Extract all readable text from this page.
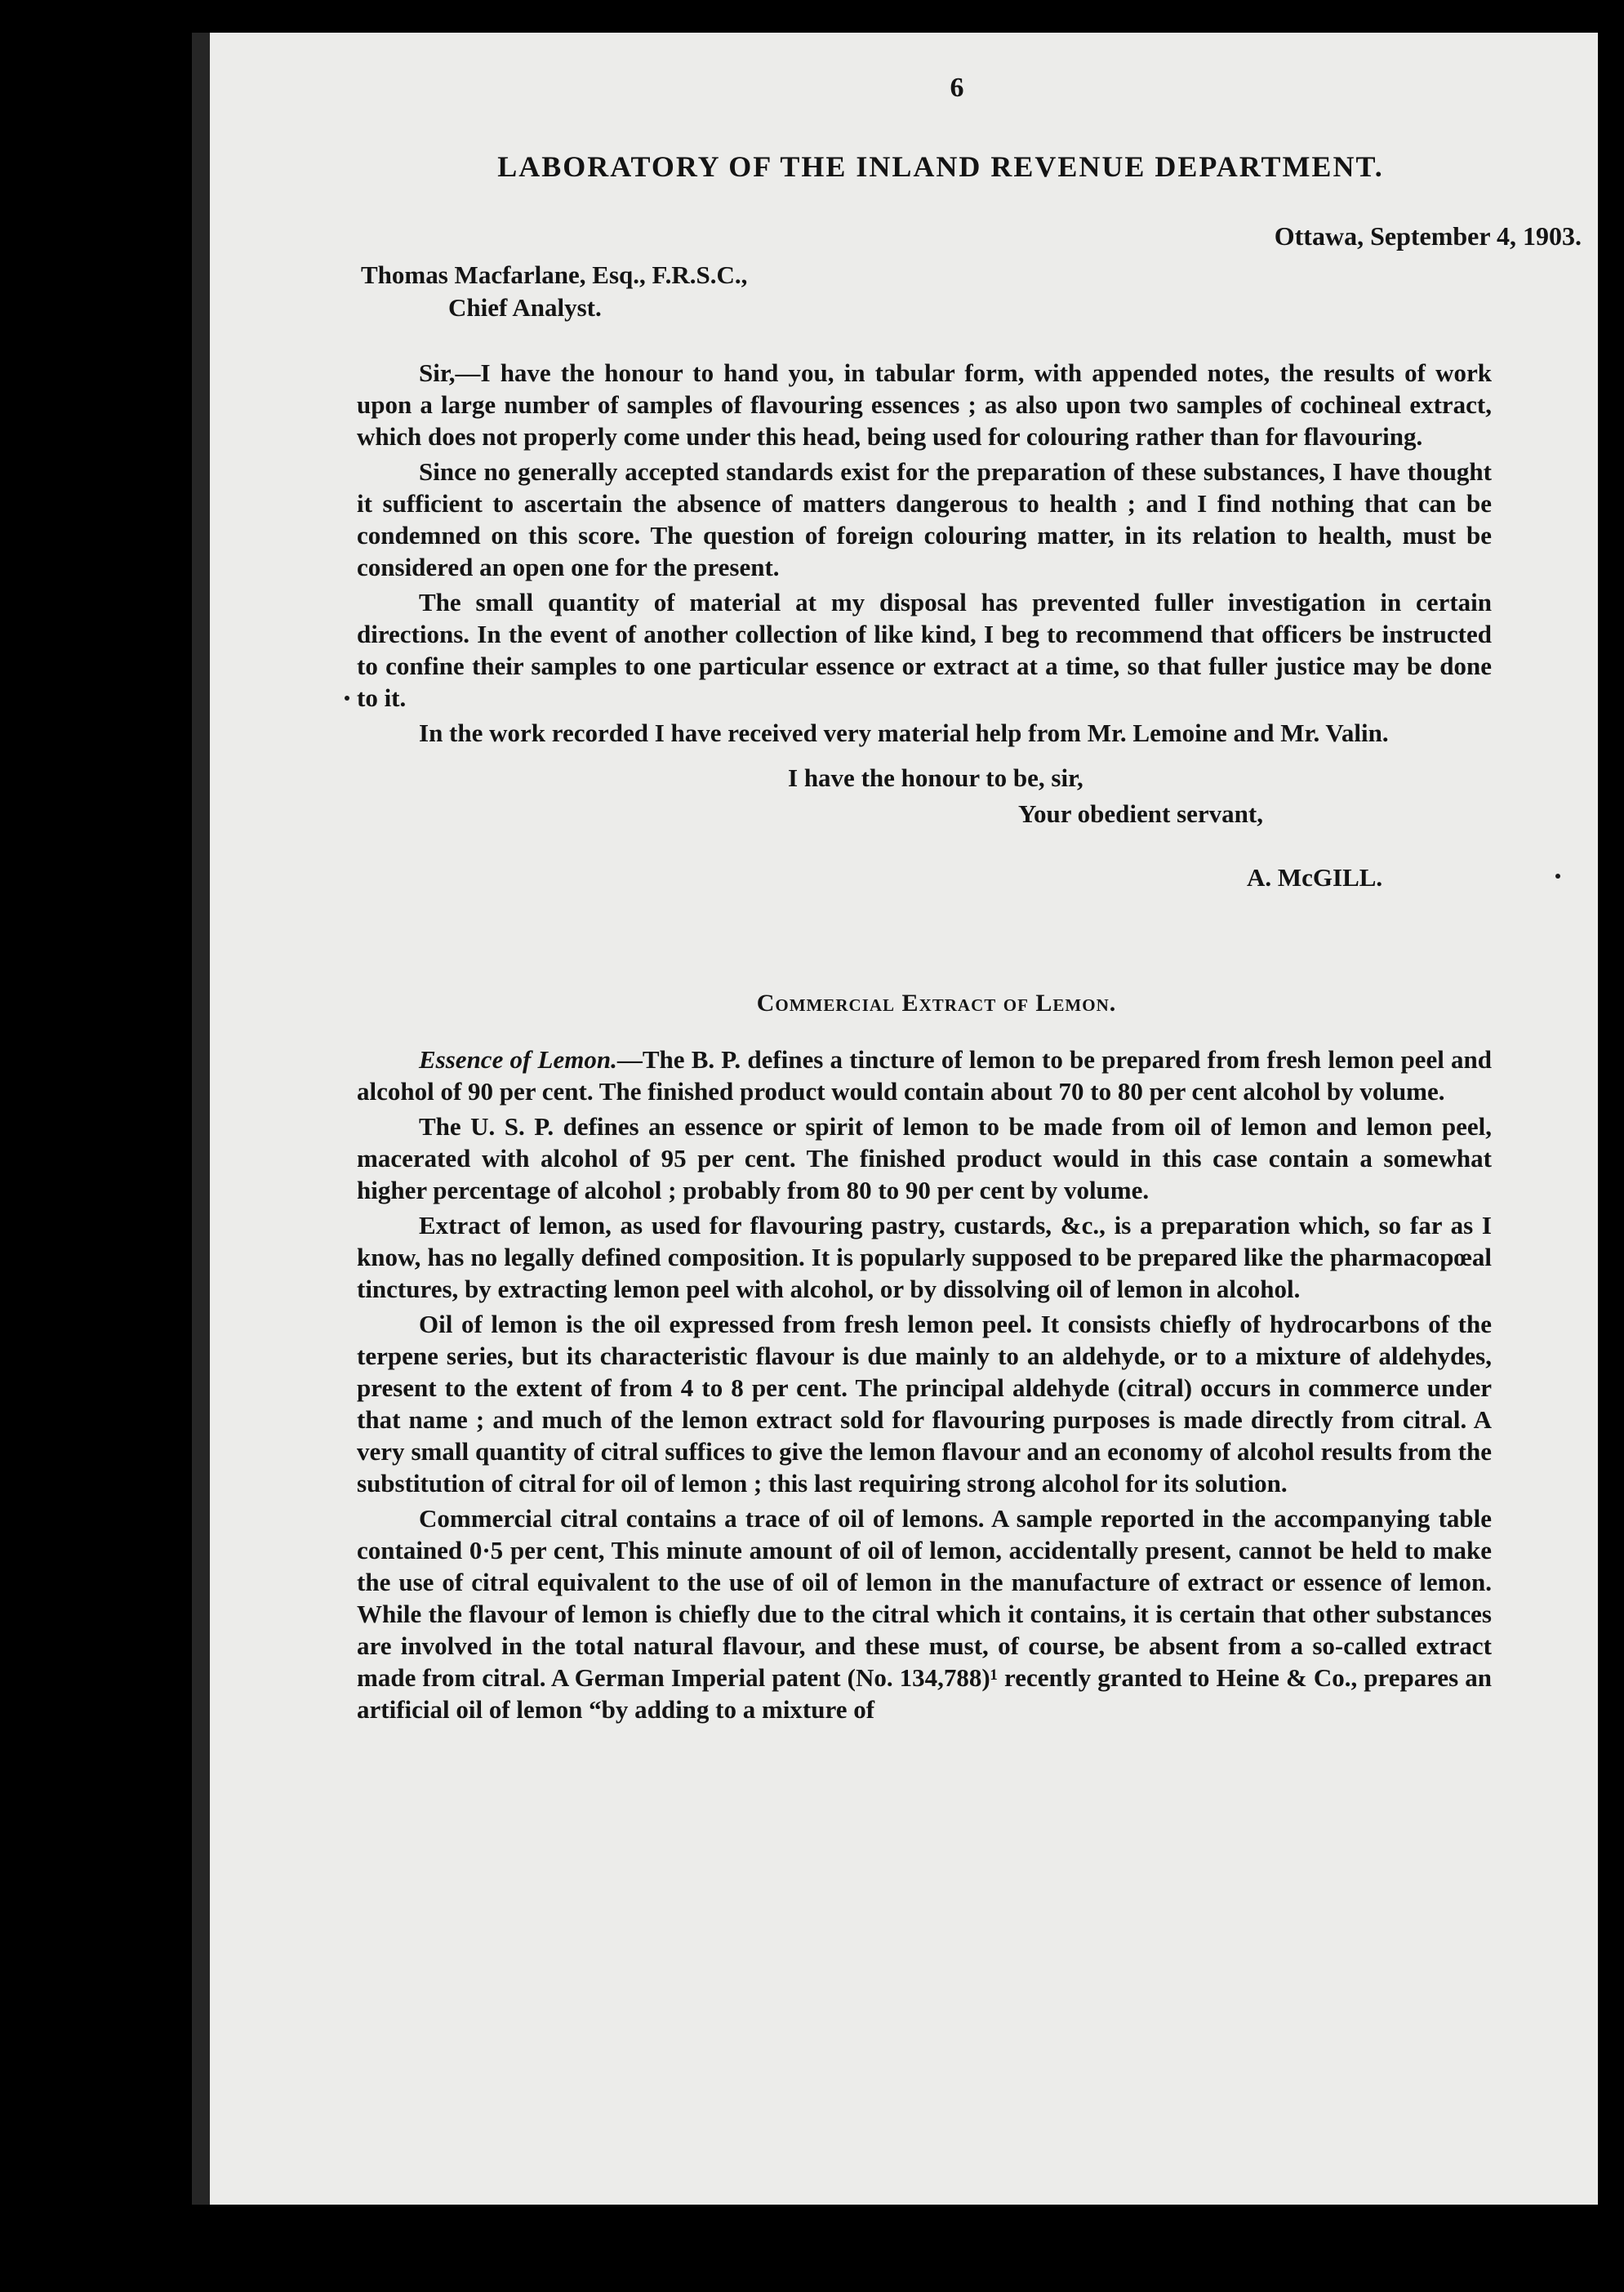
6
LABORATORY OF THE INLAND REVENUE DEPARTMENT.
Ottawa, September 4, 1903.
Thomas Macfarlane, Esq., F.R.S.C.,
Chief Analyst.

Sir,—I have the honour to hand you, in tabular form, with appended notes, the results of work upon a large number of samples of flavouring essences ; as also upon two samples of cochineal extract, which does not properly come under this head, being used for colouring rather than for flavouring.

Since no generally accepted standards exist for the preparation of these substances, I have thought it sufficient to ascertain the absence of matters dangerous to health ; and I find nothing that can be condemned on this score. The question of foreign colouring matter, in its relation to health, must be considered an open one for the present.

The small quantity of material at my disposal has prevented fuller investigation in certain directions. In the event of another collection of like kind, I beg to recommend that officers be instructed to confine their samples to one particular essence or extract at a time, so that fuller justice may be done to it.

In the work recorded I have received very material help from Mr. Lemoine and Mr. Valin.

I have the honour to be, sir,
Your obedient servant,
A. McGILL.
Commercial Extract of Lemon.

Essence of Lemon.—The B. P. defines a tincture of lemon to be prepared from fresh lemon peel and alcohol of 90 per cent. The finished product would contain about 70 to 80 per cent alcohol by volume.

The U. S. P. defines an essence or spirit of lemon to be made from oil of lemon and lemon peel, macerated with alcohol of 95 per cent. The finished product would in this case contain a somewhat higher percentage of alcohol ; probably from 80 to 90 per cent by volume.

Extract of lemon, as used for flavouring pastry, custards, &c., is a preparation which, so far as I know, has no legally defined composition. It is popularly supposed to be prepared like the pharmacopœal tinctures, by extracting lemon peel with alcohol, or by dissolving oil of lemon in alcohol.

Oil of lemon is the oil expressed from fresh lemon peel. It consists chiefly of hydrocarbons of the terpene series, but its characteristic flavour is due mainly to an aldehyde, or to a mixture of aldehydes, present to the extent of from 4 to 8 per cent. The principal aldehyde (citral) occurs in commerce under that name ; and much of the lemon extract sold for flavouring purposes is made directly from citral. A very small quantity of citral suffices to give the lemon flavour and an economy of alcohol results from the substitution of citral for oil of lemon ; this last requiring strong alcohol for its solution.

Commercial citral contains a trace of oil of lemons. A sample reported in the accompanying table contained 0·5 per cent, This minute amount of oil of lemon, accidentally present, cannot be held to make the use of citral equivalent to the use of oil of lemon in the manufacture of extract or essence of lemon. While the flavour of lemon is chiefly due to the citral which it contains, it is certain that other substances are involved in the total natural flavour, and these must, of course, be absent from a so-called extract made from citral. A German Imperial patent (No. 134,788)¹ recently granted to Heine & Co., prepares an artificial oil of lemon “by adding to a mixture of
